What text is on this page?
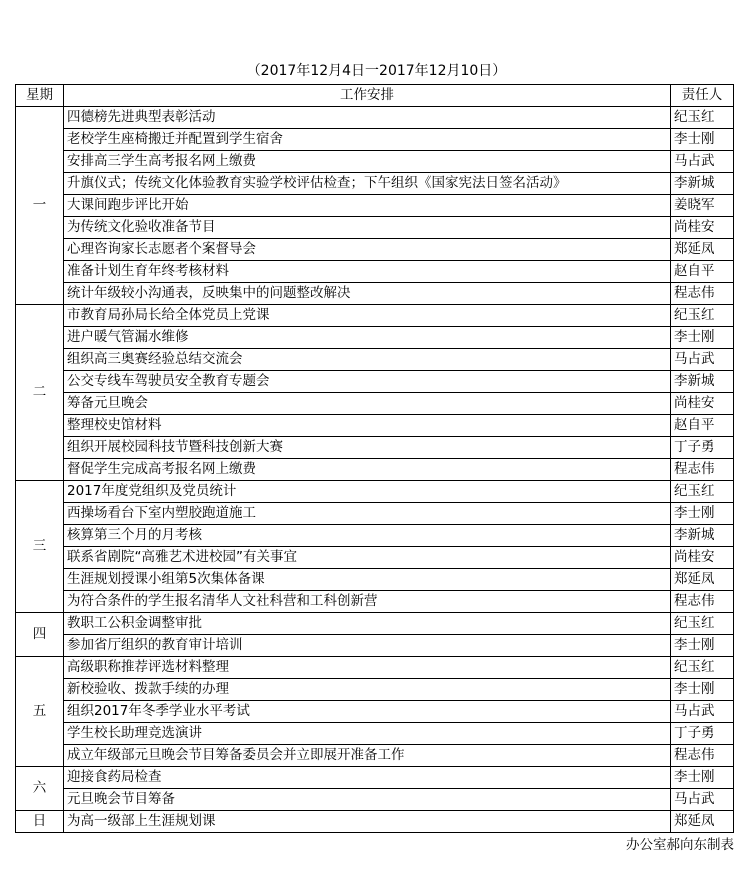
（2017年12月4日一2017年12月10日）
星期	工作安排	责任人
一	四德榜先进典型表彰活动	纪玉红
	老校学生座椅搬迁并配置到学生宿舍	李士刚
	安排高三学生高考报名网上缴费	马占武
	升旗仪式；传统文化体验教育实验学校评估检查；下午组织《国家宪法日签名活动》	李新城
	大课间跑步评比开始	姜晓军
	为传统文化验收准备节目	尚桂安
	心理咨询家长志愿者个案督导会	郑延凤
	准备计划生育年终考核材料	赵自平
	统计年级较小沟通表，反映集中的问题整改解决	程志伟
二	市教育局孙局长给全体党员上党课	纪玉红
	进户暖气管漏水维修	李士刚
	组织高三奥赛经验总结交流会	马占武
	公交专线车驾驶员安全教育专题会	李新城
	筹备元旦晚会	尚桂安
	整理校史馆材料	赵自平
	组织开展校园科技节暨科技创新大赛	丁子勇
	督促学生完成高考报名网上缴费	程志伟
三	2017年度党组织及党员统计	纪玉红
	西操场看台下室内塑胶跑道施工	李士刚
	核算第三个月的月考核	李新城
	联系省剧院“高雅艺术进校园”有关事宜	尚桂安
	生涯规划授课小组第5次集体备课	郑延凤
	为符合条件的学生报名清华人文社科营和工科创新营	程志伟
四	教职工公积金调整审批	纪玉红
	参加省厅组织的教育审计培训	李士刚
五	高级职称推荐评选材料整理	纪玉红
	新校验收、拨款手续的办理	李士刚
	组织2017年冬季学业水平考试	马占武
	学生校长助理竞选演讲	丁子勇
	成立年级部元旦晚会节目筹备委员会并立即展开准备工作	程志伟
六	迎接食药局检查	李士刚
	元旦晚会节目筹备	马占武
日	为高一级部上生涯规划课	郑延凤
办公室郝向东制表
